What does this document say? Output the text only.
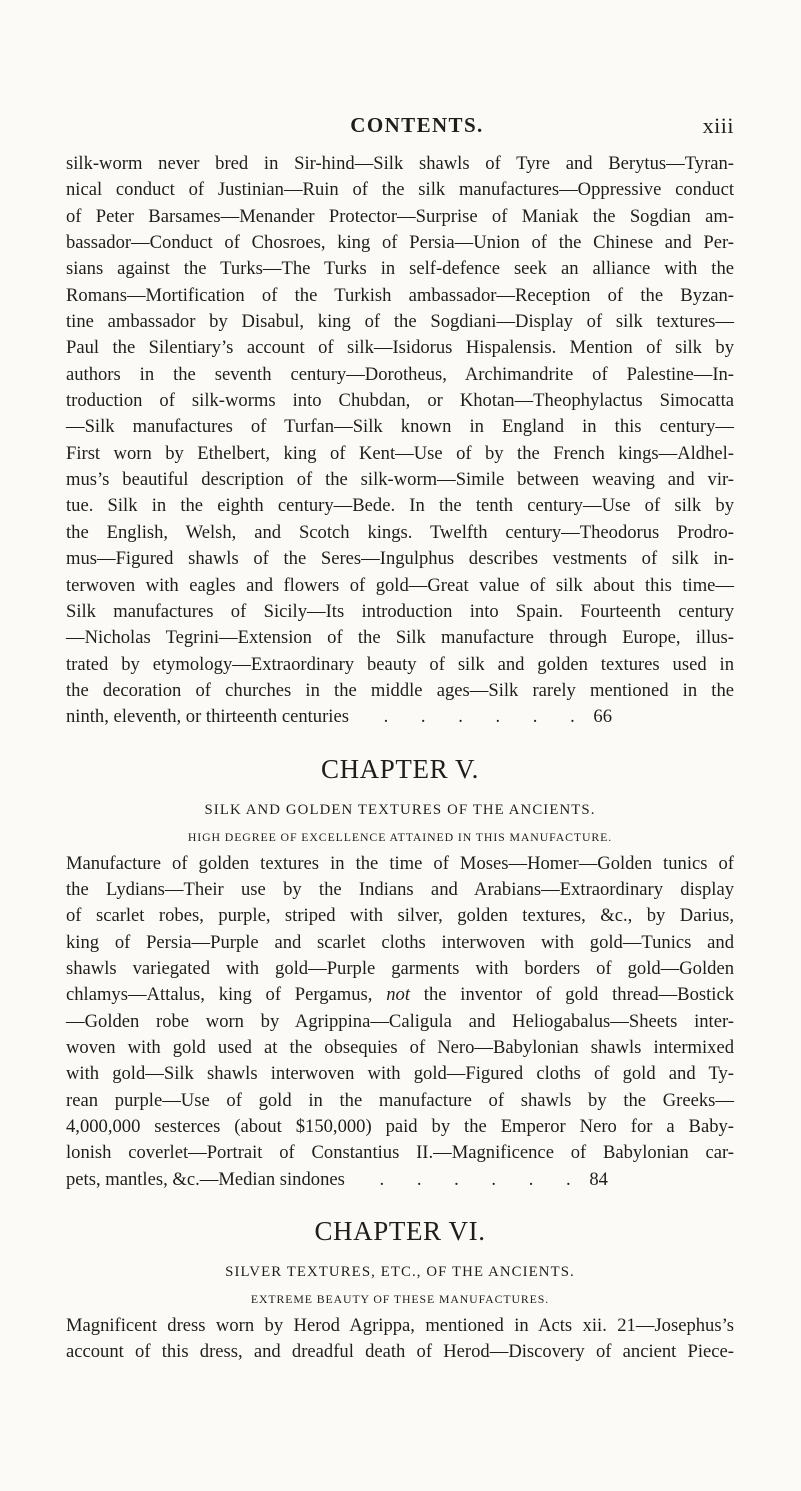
CONTENTS.	xiii

silk-worm never bred in Sir-hind—Silk shawls of Tyre and Berytus—Tyran-
nical conduct of Justinian—Ruin of the silk manufactures—Oppressive conduct
of Peter Barsames—Menander Protector—Surprise of Maniak the Sogdian am-
bassador—Conduct of Chosroes, king of Persia—Union of the Chinese and Per-
sians against the Turks—The Turks in self-defence seek an alliance with the
Romans—Mortification of the Turkish ambassador—Reception of the Byzan-
tine ambassador by Disabul, king of the Sogdiani—Display of silk textures—
Paul the Silentiary’s account of silk—Isidorus Hispalensis. Mention of silk by
authors in the seventh century—Dorotheus, Archimandrite of Palestine—In-
troduction of silk-worms into Chubdan, or Khotan—Theophylactus Simocatta
—Silk manufactures of Turfan—Silk known in England in this century—
First worn by Ethelbert, king of Kent—Use of by the French kings—Aldhel-
mus’s beautiful description of the silk-worm—Simile between weaving and vir-
tue. Silk in the eighth century—Bede. In the tenth century—Use of silk by
the English, Welsh, and Scotch kings. Twelfth century—Theodorus Prodro-
mus—Figured shawls of the Seres—Ingulphus describes vestments of silk in-
terwoven with eagles and flowers of gold—Great value of silk about this time—
Silk manufactures of Sicily—Its introduction into Spain. Fourteenth century
—Nicholas Tegrini—Extension of the Silk manufacture through Europe, illus-
trated by etymology—Extraordinary beauty of silk and golden textures used in
the decoration of churches in the middle ages—Silk rarely mentioned in the
ninth, eleventh, or thirteenth centuries . . . . . . 66

CHAPTER V.
SILK AND GOLDEN TEXTURES OF THE ANCIENTS.
HIGH DEGREE OF EXCELLENCE ATTAINED IN THIS MANUFACTURE.

Manufacture of golden textures in the time of Moses—Homer—Golden tunics of
the Lydians—Their use by the Indians and Arabians—Extraordinary display
of scarlet robes, purple, striped with silver, golden textures, &c., by Darius,
king of Persia—Purple and scarlet cloths interwoven with gold—Tunics and
shawls variegated with gold—Purple garments with borders of gold—Golden
chlamys—Attalus, king of Pergamus, not the inventor of gold thread—Bostick
—Golden robe worn by Agrippina—Caligula and Heliogabalus—Sheets inter-
woven with gold used at the obsequies of Nero—Babylonian shawls intermixed
with gold—Silk shawls interwoven with gold—Figured cloths of gold and Ty-
rean purple—Use of gold in the manufacture of shawls by the Greeks—
4,000,000 sesterces (about $150,000) paid by the Emperor Nero for a Baby-
lonish coverlet—Portrait of Constantius II.—Magnificence of Babylonian car-
pets, mantles, &c.—Median sindones . . . . . . 84

CHAPTER VI.
SILVER TEXTURES, ETC., OF THE ANCIENTS.
EXTREME BEAUTY OF THESE MANUFACTURES.

Magnificent dress worn by Herod Agrippa, mentioned in Acts xii. 21—Josephus’s
account of this dress, and dreadful death of Herod—Discovery of ancient Piece-
